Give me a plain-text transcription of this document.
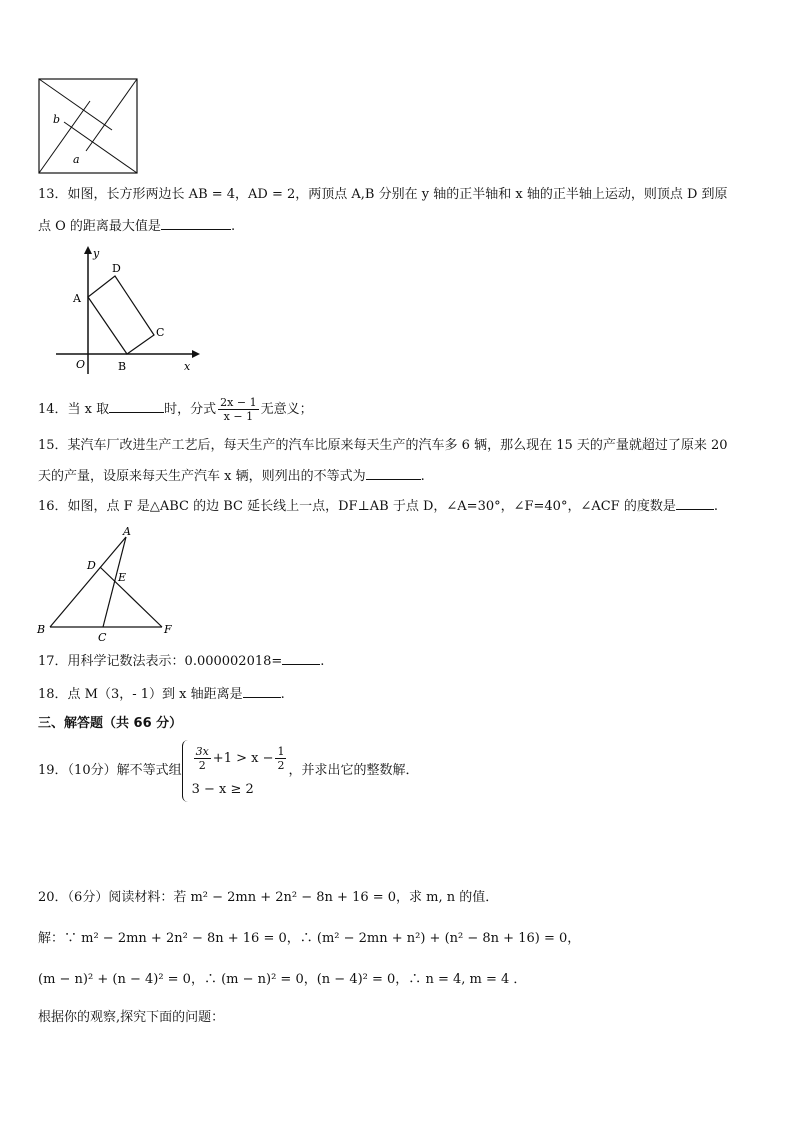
b
a
13．如图，长方形两边长 AB = 4，AD = 2，两顶点 A,B 分别在 y 轴的正半轴和 x 轴的正半轴上运动，则顶点 D 到原
点 O 的距离最大值是	.
y
x
A
D
C
B
O
14．当 x 取	时，分式 $\frac{2x - 1}{x - 1}$ 无意义；
15．某汽车厂改进生产工艺后，每天生产的汽车比原来每天生产的汽车多 6 辆，那么现在 15 天的产量就超过了原来 20
天的产量，设原来每天生产汽车 x 辆，则列出的不等式为	.
16．如图，点 F 是△ABC 的边 BC 延长线上一点，DF⊥AB 于点 D，∠A=30°，∠F=40°，∠ACF 的度数是	.
A
D
E
B
C
F
17．用科学记数法表示：0.000002018=	.
18．点 M（3，- 1）到 x 轴距离是	.
三、解答题（共 66 分）
19．（10分）解不等式组 $\frac{3x}{2} +1 > x - \frac{1}{2}$
3 − x ≥ 2
，并求出它的整数解．
20．（6分）阅读材料：若 m² − 2mn + 2n² − 8n + 16 = 0，求 m, n 的值．
解：∵ m² − 2mn + 2n² − 8n + 16 = 0，∴ (m² − 2mn + n²) + (n² − 8n + 16) = 0，
(m − n)² + (n − 4)² = 0，∴ (m − n)² = 0，(n − 4)² = 0，∴ n = 4, m = 4 ．
根据你的观察,探究下面的问题：
